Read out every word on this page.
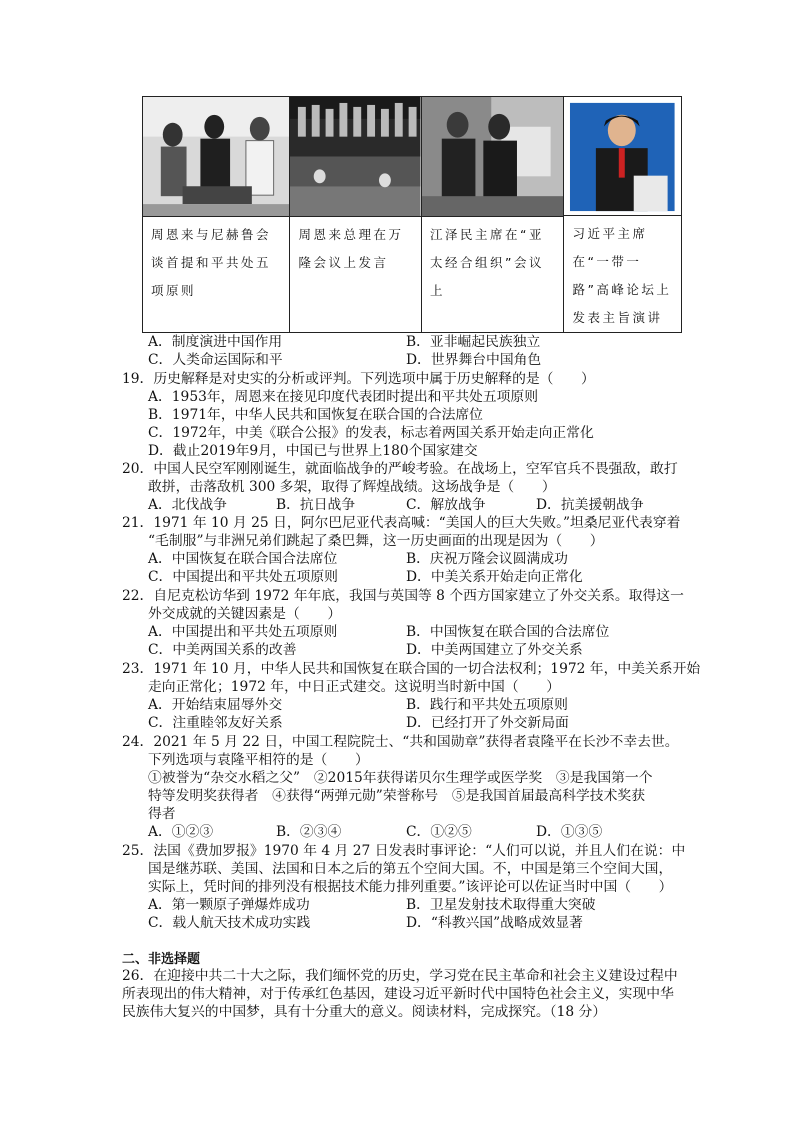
周恩来与尼赫鲁会谈首提和平共处五项原则
周恩来总理在万隆会议上发言
江泽民主席在“亚太经合组织”会议上
习近平主席在“一带一路”高峰论坛上发表主旨演讲
A．制度演进中国作用	B．亚非崛起民族独立
C．人类命运国际和平	D．世界舞台中国角色
19．历史解释是对史实的分析或评判。下列选项中属于历史解释的是（　　）
A．1953年，周恩来在接见印度代表团时提出和平共处五项原则
B．1971年，中华人民共和国恢复在联合国的合法席位
C．1972年，中美《联合公报》的发表，标志着两国关系开始走向正常化
D．截止2019年9月，中国已与世界上180个国家建交
20．中国人民空军刚刚诞生，就面临战争的严峻考验。在战场上，空军官兵不畏强敌，敢打
敢拼，击落敌机 300 多架，取得了辉煌战绩。这场战争是（　　）
A．北伐战争	B．抗日战争	C．解放战争	D．抗美援朝战争
21．1971 年 10 月 25 日，阿尔巴尼亚代表高喊：“美国人的巨大失败。”坦桑尼亚代表穿着
“毛制服”与非洲兄弟们跳起了桑巴舞，这一历史画面的出现是因为（　　）
A．中国恢复在联合国合法席位	B．庆祝万隆会议圆满成功
C．中国提出和平共处五项原则	D．中美关系开始走向正常化
22．自尼克松访华到 1972 年年底，我国与英国等 8 个西方国家建立了外交关系。取得这一
外交成就的关键因素是（　　）
A．中国提出和平共处五项原则	B．中国恢复在联合国的合法席位
C．中美两国关系的改善	D．中美两国建立了外交关系
23．1971 年 10 月，中华人民共和国恢复在联合国的一切合法权利；1972 年，中美关系开始
走向正常化；1972 年，中日正式建交。这说明当时新中国（　　）
A．开始结束屈辱外交	B．践行和平共处五项原则
C．注重睦邻友好关系	D．已经打开了外交新局面
24．2021 年 5 月 22 日，中国工程院院士、“共和国勋章”获得者袁隆平在长沙不幸去世。
下列选项与袁隆平相符的是（　　）
①被誉为“杂交水稻之父”　②2015年获得诺贝尔生理学或医学奖　③是我国第一个
特等发明奖获得者　④获得“两弹元勋”荣誉称号　⑤是我国首届最高科学技术奖获
得者
A．①②③	B．②③④	C．①②⑤	D．①③⑤
25．法国《费加罗报》1970 年 4 月 27 日发表时事评论：“人们可以说，并且人们在说：中
国是继苏联、美国、法国和日本之后的第五个空间大国。不，中国是第三个空间大国，
实际上，凭时间的排列没有根据技术能力排列重要。”该评论可以佐证当时中国（　　）
A．第一颗原子弹爆炸成功	B．卫星发射技术取得重大突破
C．载人航天技术成功实践	D．“科教兴国”战略成效显著
二、非选择题
26．在迎接中共二十大之际，我们缅怀党的历史，学习党在民主革命和社会主义建设过程中
所表现出的伟大精神，对于传承红色基因，建设习近平新时代中国特色社会主义，实现中华
民族伟大复兴的中国梦，具有十分重大的意义。阅读材料，完成探究。（18 分）
